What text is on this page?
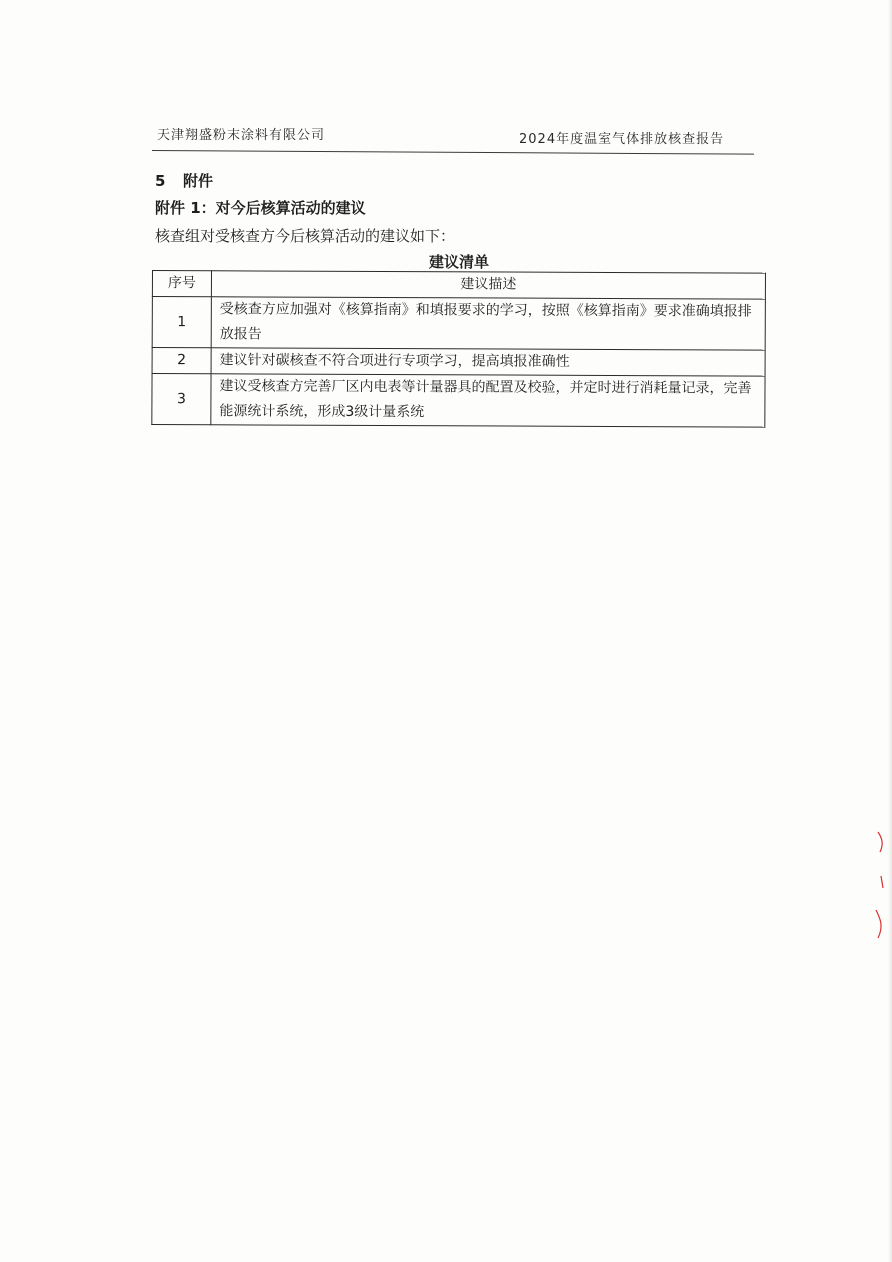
天津翔盛粉末涂料有限公司	2024年度温室气体排放核查报告
5 附件
附件 1：对今后核算活动的建议
核查组对受核查方今后核算活动的建议如下：
建议清单
序号	建议描述
1	受核查方应加强对《核算指南》和填报要求的学习，按照《核算指南》要求准确填报排放报告
2	建议针对碳核查不符合项进行专项学习，提高填报准确性
3	建议受核查方完善厂区内电表等计量器具的配置及校验，并定时进行消耗量记录，完善能源统计系统，形成3级计量系统
